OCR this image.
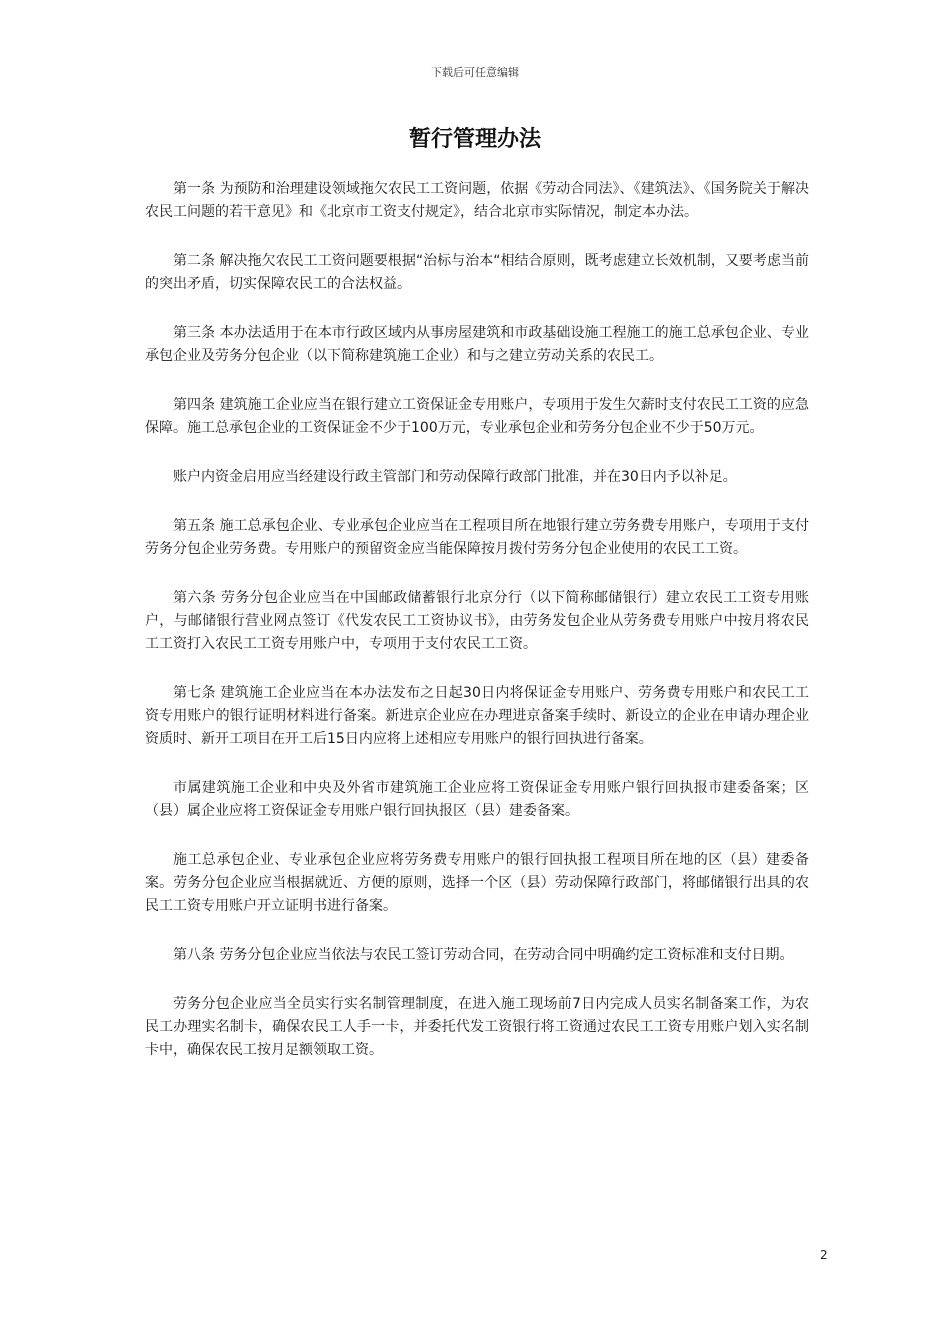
下载后可任意编辑
暂行管理办法

第一条 为预防和治理建设领域拖欠农民工工资问题，依据《劳动合同法》、《建筑法》、《国务院关于解决农民工问题的若干意见》和《北京市工资支付规定》，结合北京市实际情况，制定本办法。

第二条 解决拖欠农民工工资问题要根据“治标与治本“相结合原则，既考虑建立长效机制，又要考虑当前的突出矛盾，切实保障农民工的合法权益。

第三条 本办法适用于在本市行政区域内从事房屋建筑和市政基础设施工程施工的施工总承包企业、专业承包企业及劳务分包企业（以下简称建筑施工企业）和与之建立劳动关系的农民工。

第四条 建筑施工企业应当在银行建立工资保证金专用账户，专项用于发生欠薪时支付农民工工资的应急保障。施工总承包企业的工资保证金不少于100万元，专业承包企业和劳务分包企业不少于50万元。

账户内资金启用应当经建设行政主管部门和劳动保障行政部门批准，并在30日内予以补足。

第五条 施工总承包企业、专业承包企业应当在工程项目所在地银行建立劳务费专用账户，专项用于支付劳务分包企业劳务费。专用账户的预留资金应当能保障按月拨付劳务分包企业使用的农民工工资。

第六条 劳务分包企业应当在中国邮政储蓄银行北京分行（以下简称邮储银行）建立农民工工资专用账户，与邮储银行营业网点签订《代发农民工工资协议书》，由劳务发包企业从劳务费专用账户中按月将农民工工资打入农民工工资专用账户中，专项用于支付农民工工资。

第七条 建筑施工企业应当在本办法发布之日起30日内将保证金专用账户、劳务费专用账户和农民工工资专用账户的银行证明材料进行备案。新进京企业应在办理进京备案手续时、新设立的企业在申请办理企业资质时、新开工项目在开工后15日内应将上述相应专用账户的银行回执进行备案。

市属建筑施工企业和中央及外省市建筑施工企业应将工资保证金专用账户银行回执报市建委备案；区（县）属企业应将工资保证金专用账户银行回执报区（县）建委备案。

施工总承包企业、专业承包企业应将劳务费专用账户的银行回执报工程项目所在地的区（县）建委备案。劳务分包企业应当根据就近、方便的原则，选择一个区（县）劳动保障行政部门，将邮储银行出具的农民工工资专用账户开立证明书进行备案。

第八条 劳务分包企业应当依法与农民工签订劳动合同，在劳动合同中明确约定工资标准和支付日期。

劳务分包企业应当全员实行实名制管理制度，在进入施工现场前7日内完成人员实名制备案工作，为农民工办理实名制卡，确保农民工人手一卡，并委托代发工资银行将工资通过农民工工资专用账户划入实名制卡中，确保农民工按月足额领取工资。

2
